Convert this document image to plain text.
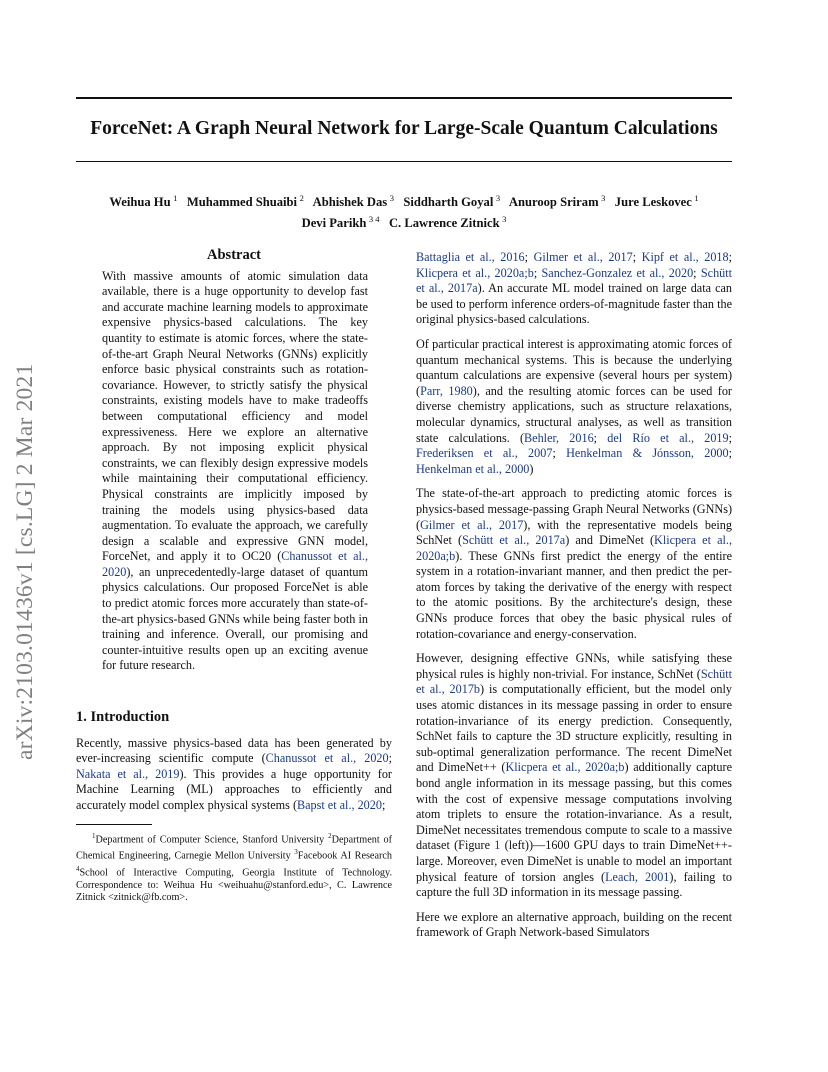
ForceNet: A Graph Neural Network for Large-Scale Quantum Calculations
Weihua Hu  $^1$ Muhammed Shuaibi  $^2$ Abhishek Das  $^3$ Siddharth Goyal  $^3$ Anuroop Sriram  $^3$ Jure Leskovec  $^1$
Devi Parikh  $^{3 4}$ C. Lawrence Zitnick  $^3$
arXiv:2103.01436v1 [cs.LG] 2 Mar 2021
Abstract

With massive amounts of atomic simulation data available, there is a huge opportunity to develop fast and accurate machine learning models to approximate expensive physics-based calculations. The key quantity to estimate is atomic forces, where the state-of-the-art Graph Neural Networks (GNNs) explicitly enforce basic physical constraints such as rotation-covariance. However, to strictly satisfy the physical constraints, existing models have to make tradeoffs between computational efficiency and model expressiveness. Here we explore an alternative approach. By not imposing explicit physical constraints, we can flexibly design expressive models while maintaining their computational efficiency. Physical constraints are implicitly imposed by training the models using physics-based data augmentation. To evaluate the approach, we carefully design a scalable and expressive GNN model, ForceNet, and apply it to OC20 (Chanussot et al., 2020), an unprecedentedly-large dataset of quantum physics calculations. Our proposed ForceNet is able to predict atomic forces more accurately than state-of-the-art physics-based GNNs while being faster both in training and inference. Overall, our promising and counter-intuitive results open up an exciting avenue for future research.

1. Introduction

Recently, massive physics-based data has been generated by ever-increasing scientific compute (Chanussot et al., 2020; Nakata et al., 2019). This provides a huge opportunity for Machine Learning (ML) approaches to efficiently and accurately model complex physical systems (Bapst et al., 2020;

$^1$Department of Computer Science, Stanford University $^2$Department of Chemical Engineering, Carnegie Mellon University $^3$Facebook AI Research $^4$School of Interactive Computing, Georgia Institute of Technology. Correspondence to: Weihua Hu <weihuahu@stanford.edu>, C. Lawrence Zitnick <zitnick@fb.com>.

Battaglia et al., 2016; Gilmer et al., 2017; Kipf et al., 2018; Klicpera et al., 2020a;b; Sanchez-Gonzalez et al., 2020; Schütt et al., 2017a). An accurate ML model trained on large data can be used to perform inference orders-of-magnitude faster than the original physics-based calculations.

Of particular practical interest is approximating atomic forces of quantum mechanical systems. This is because the underlying quantum calculations are expensive (several hours per system) (Parr, 1980), and the resulting atomic forces can be used for diverse chemistry applications, such as structure relaxations, molecular dynamics, structural analyses, as well as transition state calculations. (Behler, 2016; del Río et al., 2019; Frederiksen et al., 2007; Henkelman & Jónsson, 2000; Henkelman et al., 2000)

The state-of-the-art approach to predicting atomic forces is physics-based message-passing Graph Neural Networks (GNNs) (Gilmer et al., 2017), with the representative models being SchNet (Schütt et al., 2017a) and DimeNet (Klicpera et al., 2020a;b). These GNNs first predict the energy of the entire system in a rotation-invariant manner, and then predict the per-atom forces by taking the derivative of the energy with respect to the atomic positions. By the architecture's design, these GNNs produce forces that obey the basic physical rules of rotation-covariance and energy-conservation.

However, designing effective GNNs, while satisfying these physical rules is highly non-trivial. For instance, SchNet (Schütt et al., 2017b) is computationally efficient, but the model only uses atomic distances in its message passing in order to ensure rotation-invariance of its energy prediction. Consequently, SchNet fails to capture the 3D structure explicitly, resulting in sub-optimal generalization performance. The recent DimeNet and DimeNet++ (Klicpera et al., 2020a;b) additionally capture bond angle information in its message passing, but this comes with the cost of expensive message computations involving atom triplets to ensure the rotation-invariance. As a result, DimeNet necessitates tremendous compute to scale to a massive dataset (Figure 1 (left))—1600 GPU days to train DimeNet++-large. Moreover, even DimeNet is unable to model an important physical feature of torsion angles (Leach, 2001), failing to capture the full 3D information in its message passing.

Here we explore an alternative approach, building on the recent framework of Graph Network-based Simulators
